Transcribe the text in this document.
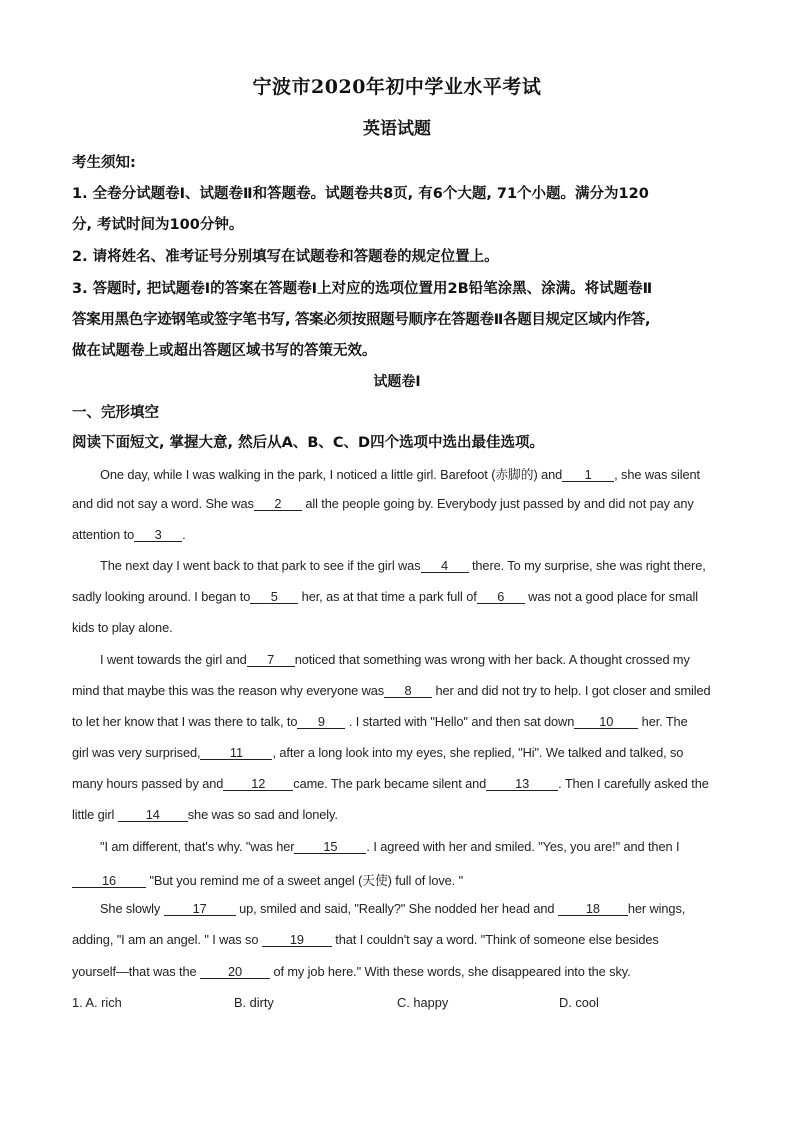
宁波市2020年初中学业水平考试
英语试题
考生须知:
1. 全卷分试题卷Ⅰ、试题卷Ⅱ和答题卷。试题卷共8页, 有6个大题, 71个小题。满分为120
分, 考试时间为100分钟。
2. 请将姓名、准考证号分别填写在试题卷和答题卷的规定位置上。
3. 答题时, 把试题卷Ⅰ的答案在答题卷Ⅰ上对应的选项位置用2B铅笔涂黑、涂满。将试题卷Ⅱ
答案用黑色字迹钢笔或签字笔书写, 答案必须按照题号顺序在答题卷Ⅱ各题目规定区域内作答,
做在试题卷上或超出答题区域书写的答策无效。
试题卷Ⅰ
一、完形填空
阅读下面短文, 掌握大意, 然后从A、B、C、D四个选项中选出最佳选项。
One day, while I was walking in the park, I noticed a little girl. Barefoot (赤脚的) and 1 , she was silent
and did not say a word. She was 2 all the people going by. Everybody just passed by and did not pay any
attention to 3 .
The next day I went back to that park to see if the girl was 4 there. To my surprise, she was right there,
sadly looking around. I began to 5 her, as at that time a park full of 6 was not a good place for small
kids to play alone.
I went towards the girl and 7 noticed that something was wrong with her back. A thought crossed my
mind that maybe this was the reason why everyone was 8 her and did not try to help. I got closer and smiled
to let her know that I was there to talk, to 9 . I started with "Hello" and then sat down 10 her. The
girl was very surprised, 11 , after a long look into my eyes, she replied, "Hi". We talked and talked, so
many hours passed by and 12 came. The park became silent and 13 . Then I carefully asked the
little girl 14 she was so sad and lonely.
"I am different, that's why. "was her 15 . I agreed with her and smiled. "Yes, you are!" and then I
16 "But you remind me of a sweet angel (天使) full of love. "
She slowly	17 up, smiled and said, "Really?" She nodded her head and 18 her wings,
adding, "I am an angel. " I was so 19 that I couldn't say a word. "Think of someone else besides
yourself—that was the 20 of my job here." With these words, she disappeared into the sky.
1. A. rich	B. dirty	C. happy	D. cool
